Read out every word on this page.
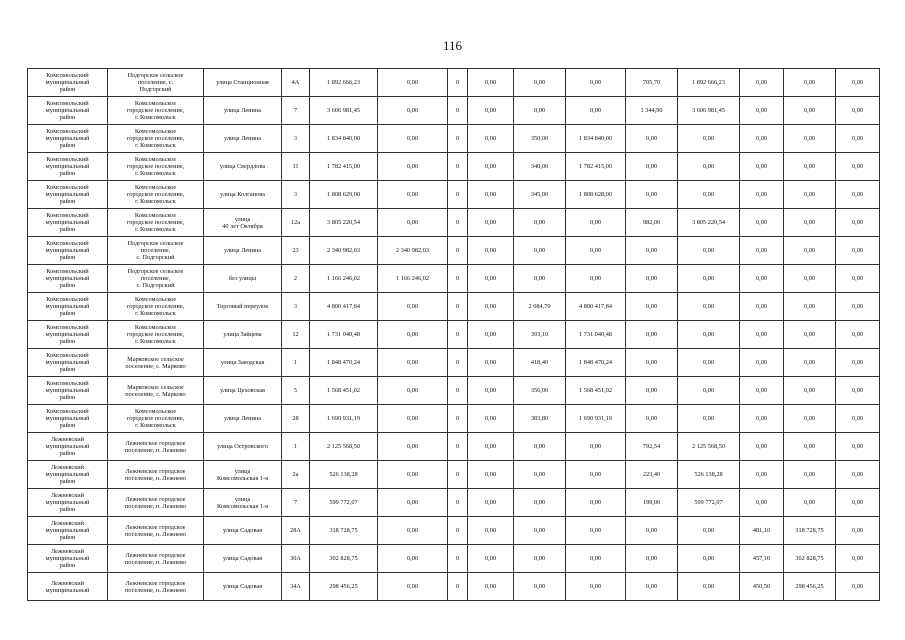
116
Комсомольский
муниципальный
район	Подгорское сельское
поселение, с.
Подгорский	улица Станционная	4А	1 892 666,23	0,00	0	0,00	0,00	0,00	705,70	1 892 666,23	0,00	0,00	0,00
Комсомольский
муниципальный
район	Комсомольское
городское поселение,
г. Комсомольск	улица Ленина	7	3 606 981,45	0,00	0	0,00	0,00	0,00	1 344,90	3 606 981,45	0,00	0,00	0,00
Комсомольский
муниципальный
район	Комсомольское
городское поселение,
г. Комсомольск	улица Ленина	3	1 834 840,00	0,00	0	0,00	350,00	1 834 840,00	0,00	0,00	0,00	0,00	0,00
Комсомольский
муниципальный
район	Комсомольское
городское поселение,
г. Комсомольск	улица Свердлова	11	1 782 415,00	0,00	0	0,00	340,00	1 782 415,00	0,00	0,00	0,00	0,00	0,00
Комсомольский
муниципальный
район	Комсомольское
городское поселение,
г. Комсомольск	улица Колганова	3	1 808 629,00	0,00	0	0,00	345,00	1 808 628,00	0,00	0,00	0,00	0,00	0,00
Комсомольский
муниципальный
район	Комсомольское
городское поселение,
г. Комсомольск	улица
40 лет Октября	12а	3 805 220,54	0,00	0	0,00	0,00	0,00	982,00	3 805 220,54	0,00	0,00	0,00
Комсомольский
муниципальный
район	Подгорское сельское
поселение,
с. Подгорский	улица Ленина	23	2 340 982,03	2 340 982,03	0	0,00	0,00	0,00	0,00	0,00	0,00	0,00	0,00
Комсомольский
муниципальный
район	Подгорское сельское
поселение,
с. Подгорский	без улицы	2	1 166 246,02	1 166 246,02	0	0,00	0,00	0,00	0,00	0,00	0,00	0,00	0,00
Комсомольский
муниципальный
район	Комсомольское
городское поселение,
г. Комсомольск	Торговый переулок	3	4 800 417,84	0,00	0	0,00	2 084,70	4 800 417,84	0,00	0,00	0,00	0,00	0,00
Комсомольский
муниципальный
район	Комсомольское
городское поселение,
г. Комсомольск	улица Зайцева	12	1 731 040,48	0,00	0	0,00	393,10	1 731 040,48	0,00	0,00	0,00	0,00	0,00
Комсомольский
муниципальный
район	Марковское сельское
поселение, с. Марково	улица Заводская	1	1 848 470,24	0,00	0	0,00	418,40	1 848 470,24	0,00	0,00	0,00	0,00	0,00
Комсомольский
муниципальный
район	Марковское сельское
поселение, с. Марково	улица Цеховская	5	1 568 451,02	0,00	0	0,00	356,00	1 568 451,02	0,00	0,00	0,00	0,00	0,00
Комсомольский
муниципальный
район	Комсомольское
городское поселение,
г. Комсомольск	улица Ленина	28	1 690 931,19	0,00	0	0,00	383,80	1 690 931,19	0,00	0,00	0,00	0,00	0,00
Лежневский
муниципальный
район	Лежневское городское
поселение, п. Лежнево	улица Островского	1	2 125 568,50	0,00	0	0,00	0,00	0,00	792,54	2 125 568,50	0,00	0,00	0,00
Лежневский
муниципальный
район	Лежневское городское
поселение, п. Лежнево	улица
Комсомольская 1-я	2а	526 138,28	0,00	0	0,00	0,00	0,00	223,40	526 138,28	0,00	0,00	0,00
Лежневский
муниципальный
район	Лежневское городское
поселение, п. Лежнево	улица
Комсомольская 1-я	7	599 772,07	0,00	0	0,00	0,00	0,00	199,00	599 772,07	0,00	0,00	0,00
Лежневский
муниципальный
район	Лежневское городское
поселение, п. Лежнево	улица Садовая	28А	318 728,75	0,00	0	0,00	0,00	0,00	0,00	0,00	481,10	318 728,75	0,00
Лежневский
муниципальный
район	Лежневское городское
поселение, п. Лежнево	улица Садовая	30А	302 828,75	0,00	0	0,00	0,00	0,00	0,00	0,00	457,10	302 828,75	0,00
Лежневский
муниципальный	Лежневское городское
поселение, п. Лежнево	улица Садовая	34А	298 456,25	0,00	0	0,00	0,00	0,00	0,00	0,00	450,50	298 456,25	0,00
